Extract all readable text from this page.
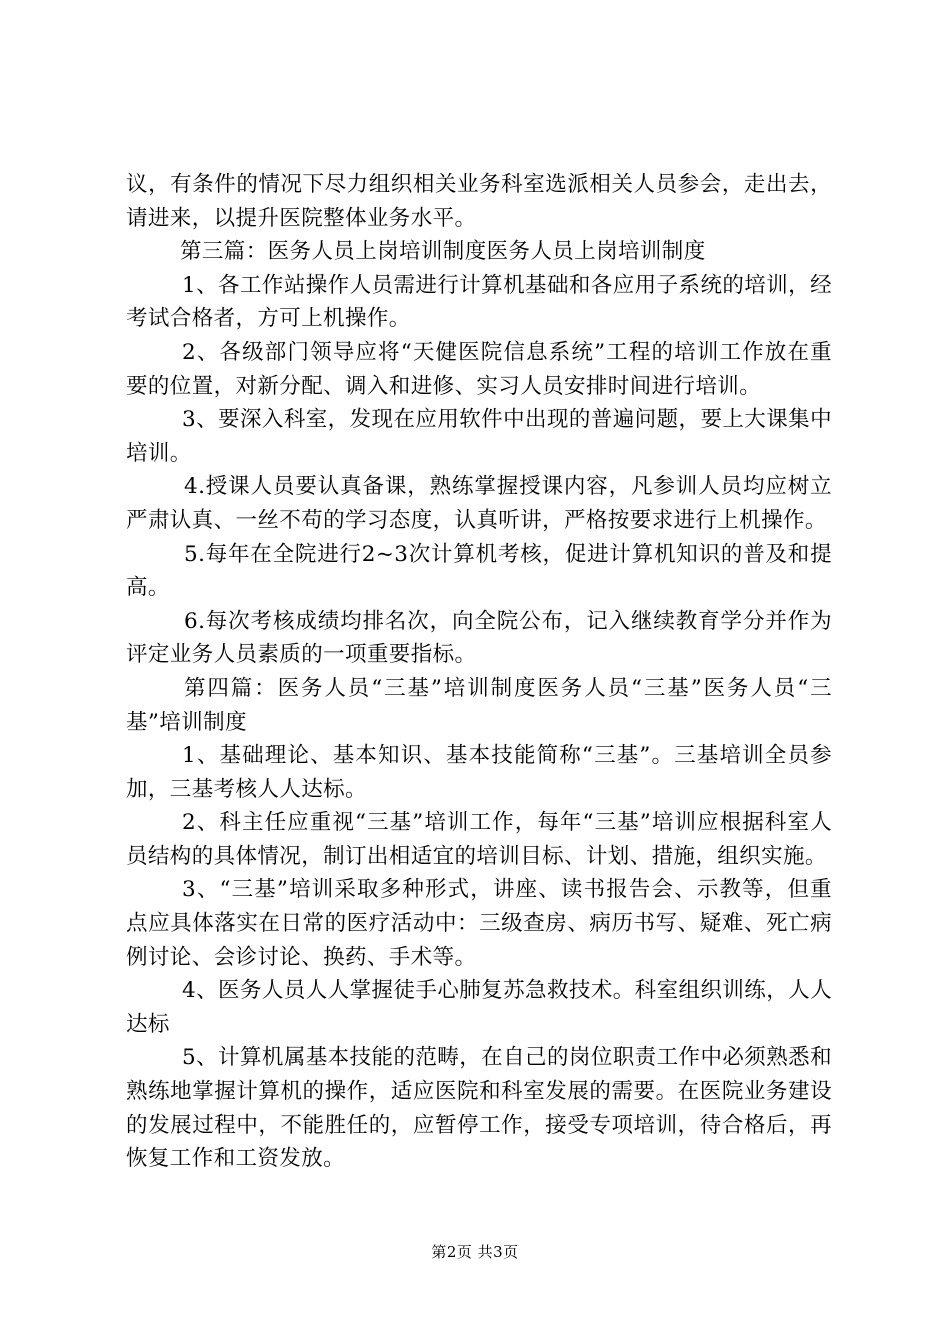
议，有条件的情况下尽力组织相关业务科室选派相关人员参会，走出去，请进来，以提升医院整体业务水平。

第三篇：医务人员上岗培训制度医务人员上岗培训制度

1、各工作站操作人员需进行计算机基础和各应用子系统的培训，经考试合格者，方可上机操作。

2、各级部门领导应将“天健医院信息系统”工程的培训工作放在重要的位置，对新分配、调入和进修、实习人员安排时间进行培训。

3、要深入科室，发现在应用软件中出现的普遍问题，要上大课集中培训。

4.授课人员要认真备课，熟练掌握授课内容，凡参训人员均应树立严肃认真、一丝不苟的学习态度，认真听讲，严格按要求进行上机操作。

5.每年在全院进行2~3次计算机考核，促进计算机知识的普及和提高。

6.每次考核成绩均排名次，向全院公布，记入继续教育学分并作为评定业务人员素质的一项重要指标。

第四篇：医务人员“三基”培训制度医务人员“三基”医务人员“三基”培训制度

1、基础理论、基本知识、基本技能简称“三基”。三基培训全员参加，三基考核人人达标。

2、科主任应重视“三基”培训工作，每年“三基”培训应根据科室人员结构的具体情况，制订出相适宜的培训目标、计划、措施，组织实施。

3、“三基”培训采取多种形式，讲座、读书报告会、示教等，但重点应具体落实在日常的医疗活动中：三级查房、病历书写、疑难、死亡病例讨论、会诊讨论、换药、手术等。

4、医务人员人人掌握徒手心肺复苏急救技术。科室组织训练，人人达标

5、计算机属基本技能的范畴，在自己的岗位职责工作中必须熟悉和熟练地掌握计算机的操作，适应医院和科室发展的需要。在医院业务建设的发展过程中，不能胜任的，应暂停工作，接受专项培训，待合格后，再恢复工作和工资发放。

第2页 共3页
